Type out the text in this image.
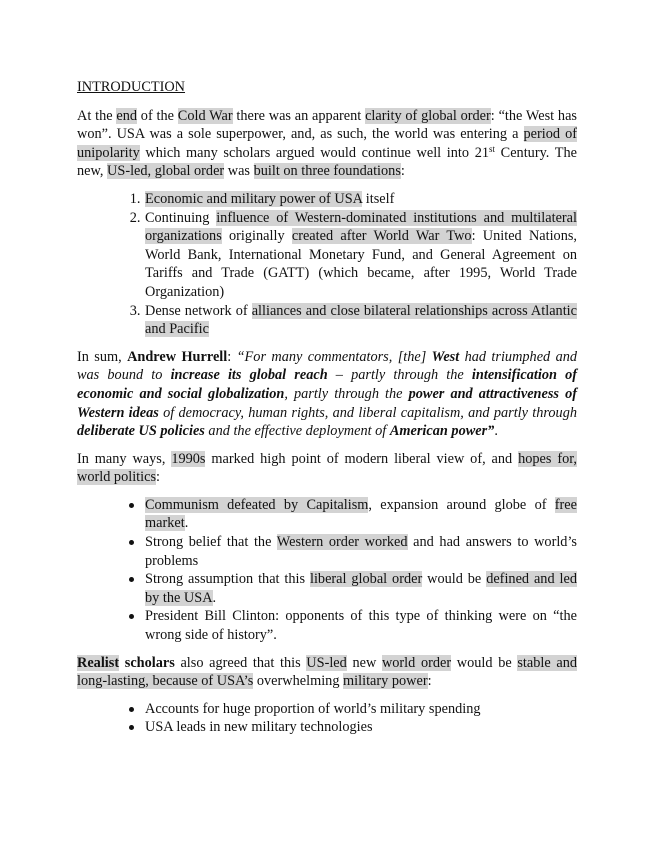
INTRODUCTION

At the end of the Cold War there was an apparent clarity of global order: “the West has won”. USA was a sole superpower, and, as such, the world was entering a period of unipolarity which many scholars argued would continue well into 21st Century. The new, US-led, global order was built on three foundations:

1. Economic and military power of USA itself
2. Continuing influence of Western-dominated institutions and multilateral organizations originally created after World War Two: United Nations, World Bank, International Monetary Fund, and General Agreement on Tariffs and Trade (GATT) (which became, after 1995, World Trade Organization)
3. Dense network of alliances and close bilateral relationships across Atlantic and Pacific

In sum, Andrew Hurrell: “For many commentators, [the] West had triumphed and was bound to increase its global reach – partly through the intensification of economic and social globalization, partly through the power and attractiveness of Western ideas of democracy, human rights, and liberal capitalism, and partly through deliberate US policies and the effective deployment of American power”.

In many ways, 1990s marked high point of modern liberal view of, and hopes for, world politics:

Communism defeated by Capitalism, expansion around globe of free market.
Strong belief that the Western order worked and had answers to world’s problems
Strong assumption that this liberal global order would be defined and led by the USA.
President Bill Clinton: opponents of this type of thinking were on “the wrong side of history”.

Realist scholars also agreed that this US-led new world order would be stable and long-lasting, because of USA’s overwhelming military power:

Accounts for huge proportion of world’s military spending
USA leads in new military technologies
